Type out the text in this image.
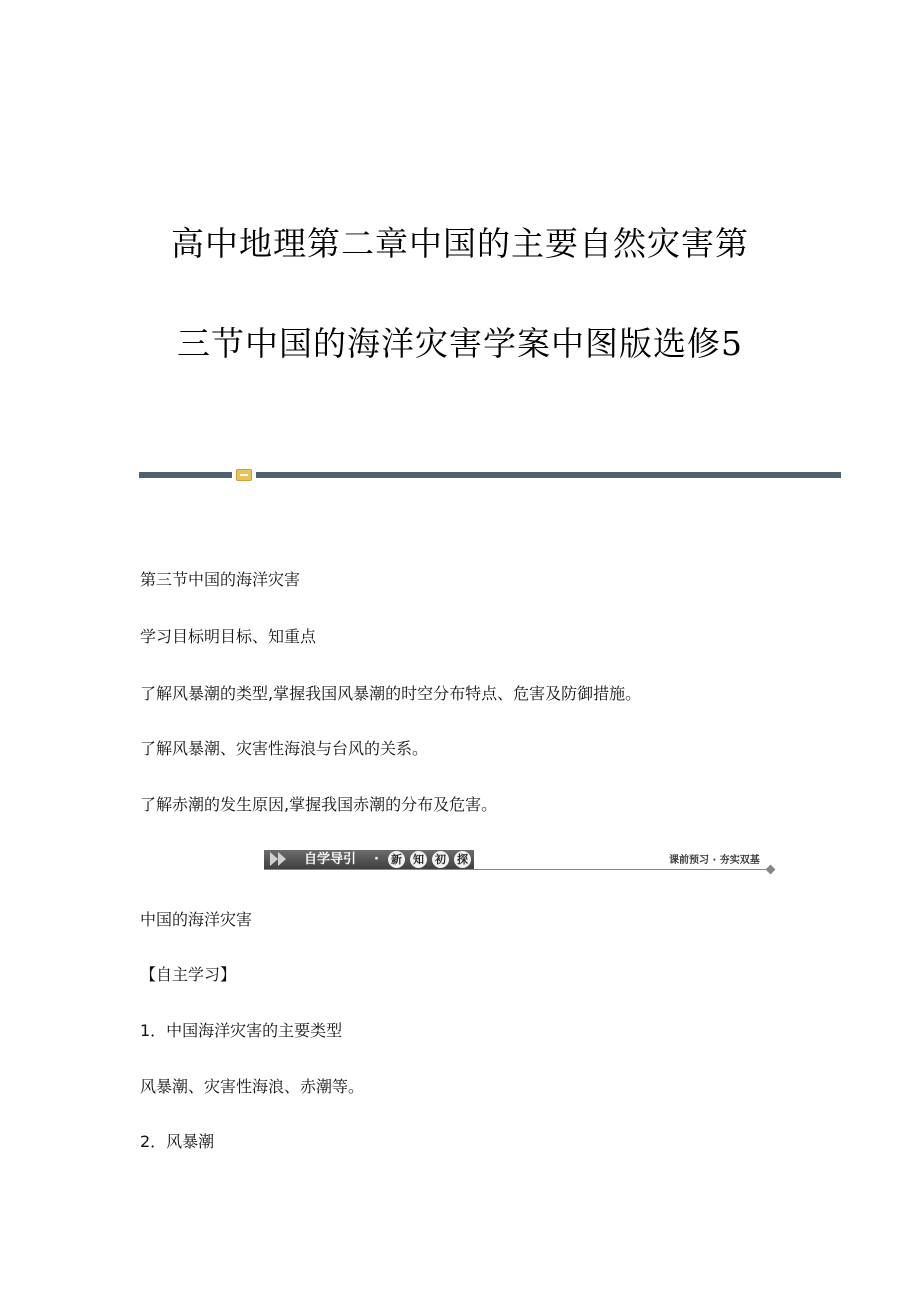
高中地理第二章中国的主要自然灾害第
三节中国的海洋灾害学案中图版选修5
第三节中国的海洋灾害
学习目标明目标、知重点
了解风暴潮的类型,掌握我国风暴潮的时空分布特点、危害及防御措施。
了解风暴潮、灾害性海浪与台风的关系。
了解赤潮的发生原因,掌握我国赤潮的分布及危害。
自学导引 · 新 知 初 探	课前预习 · 夯实双基
中国的海洋灾害
【自主学习】
1．中国海洋灾害的主要类型
风暴潮、灾害性海浪、赤潮等。
2．风暴潮
